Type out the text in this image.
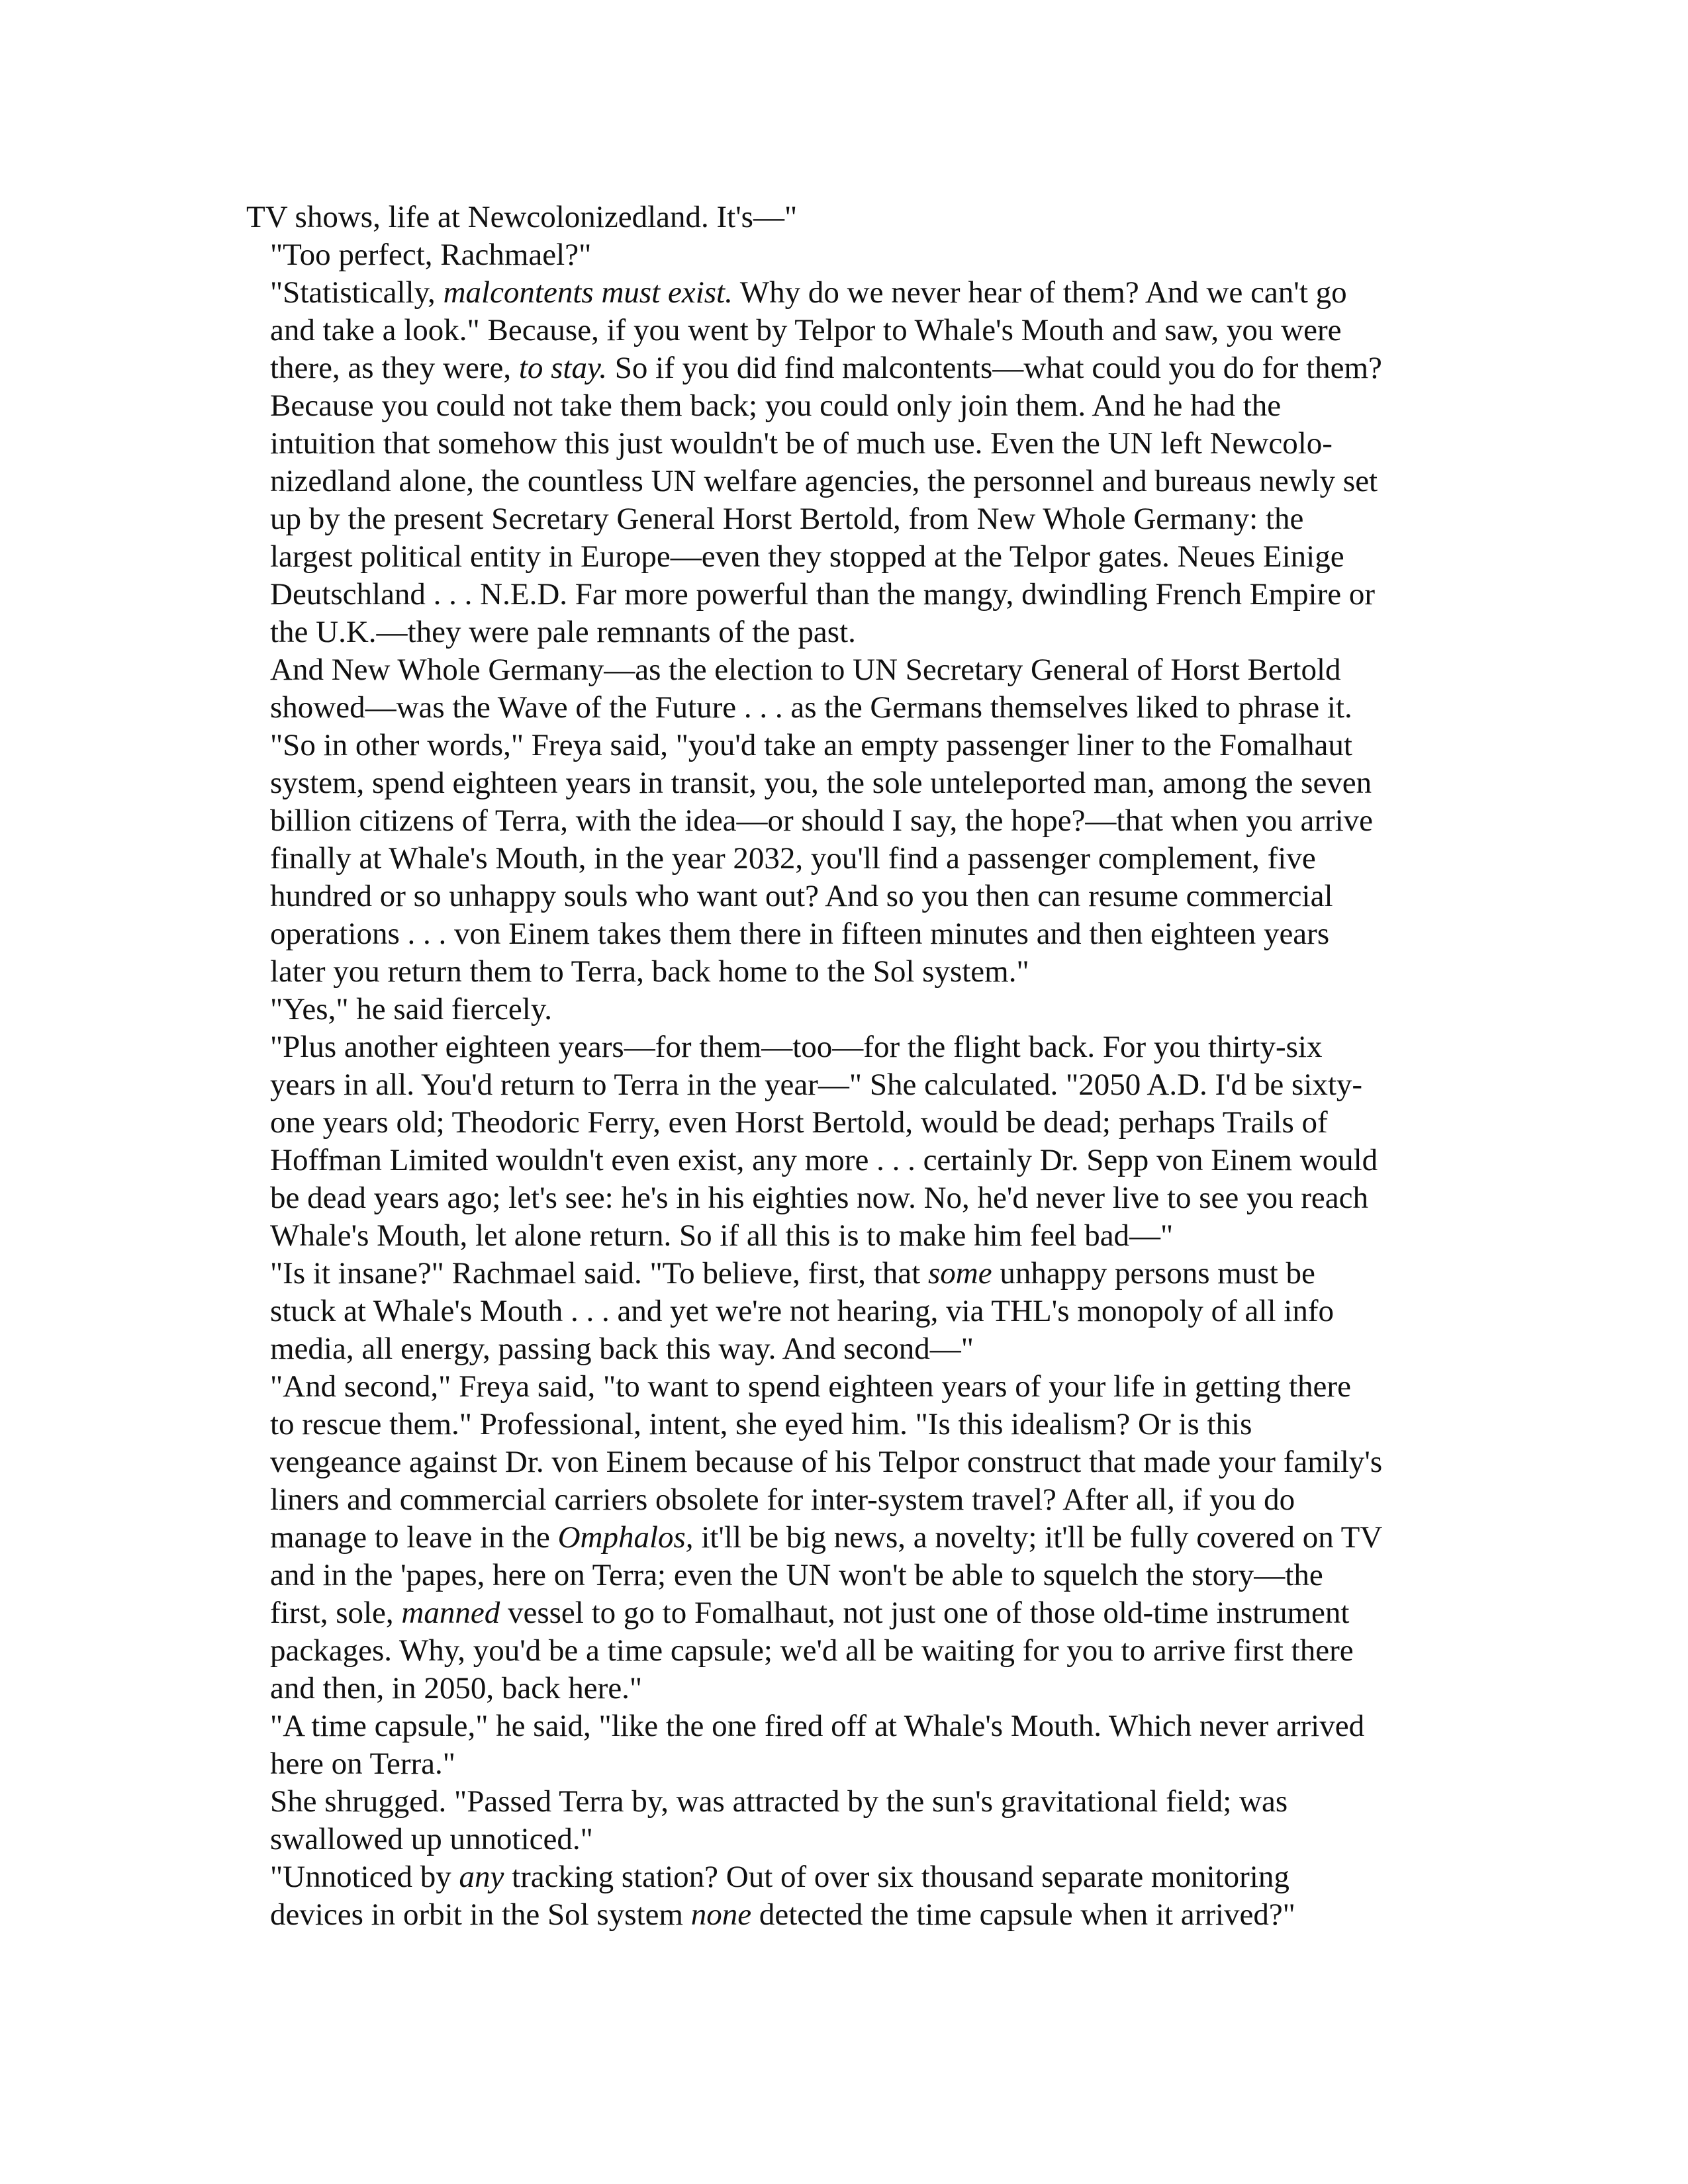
TV shows, life at Newcolonizedland. It's—"

"Too perfect, Rachmael?"

"Statistically, malcontents must exist. Why do we never hear of them? And we can't go
and take a look." Because, if you went by Telpor to Whale's Mouth and saw, you were
there, as they were, to stay. So if you did find malcontents—what could you do for them?
Because you could not take them back; you could only join them. And he had the
intuition that somehow this just wouldn't be of much use. Even the UN left Newcolo-
nizedland alone, the countless UN welfare agencies, the personnel and bureaus newly set
up by the present Secretary General Horst Bertold, from New Whole Germany: the
largest political entity in Europe—even they stopped at the Telpor gates. Neues Einige
Deutschland . . . N.E.D. Far more powerful than the mangy, dwindling French Empire or
the U.K.—they were pale remnants of the past.

And New Whole Germany—as the election to UN Secretary General of Horst Bertold
showed—was the Wave of the Future . . . as the Germans themselves liked to phrase it.

"So in other words," Freya said, "you'd take an empty passenger liner to the Fomalhaut
system, spend eighteen years in transit, you, the sole unteleported man, among the seven
billion citizens of Terra, with the idea—or should I say, the hope?—that when you arrive
finally at Whale's Mouth, in the year 2032, you'll find a passenger complement, five
hundred or so unhappy souls who want out? And so you then can resume commercial
operations . . . von Einem takes them there in fifteen minutes and then eighteen years
later you return them to Terra, back home to the Sol system."

"Yes," he said fiercely.

"Plus another eighteen years—for them—too—for the flight back. For you thirty-six
years in all. You'd return to Terra in the year—" She calculated. "2050 A.D. I'd be sixty-
one years old; Theodoric Ferry, even Horst Bertold, would be dead; perhaps Trails of
Hoffman Limited wouldn't even exist, any more . . . certainly Dr. Sepp von Einem would
be dead years ago; let's see: he's in his eighties now. No, he'd never live to see you reach
Whale's Mouth, let alone return. So if all this is to make him feel bad—"

"Is it insane?" Rachmael said. "To believe, first, that some unhappy persons must be
stuck at Whale's Mouth . . . and yet we're not hearing, via THL's monopoly of all info
media, all energy, passing back this way. And second—"

"And second," Freya said, "to want to spend eighteen years of your life in getting there
to rescue them." Professional, intent, she eyed him. "Is this idealism? Or is this
vengeance against Dr. von Einem because of his Telpor construct that made your family's
liners and commercial carriers obsolete for inter-system travel? After all, if you do
manage to leave in the Omphalos, it'll be big news, a novelty; it'll be fully covered on TV
and in the 'papes, here on Terra; even the UN won't be able to squelch the story—the
first, sole, manned vessel to go to Fomalhaut, not just one of those old-time instrument
packages. Why, you'd be a time capsule; we'd all be waiting for you to arrive first there
and then, in 2050, back here."

"A time capsule," he said, "like the one fired off at Whale's Mouth. Which never arrived
here on Terra."

She shrugged. "Passed Terra by, was attracted by the sun's gravitational field; was
swallowed up unnoticed."

"Unnoticed by any tracking station? Out of over six thousand separate monitoring
devices in orbit in the Sol system none detected the time capsule when it arrived?"
